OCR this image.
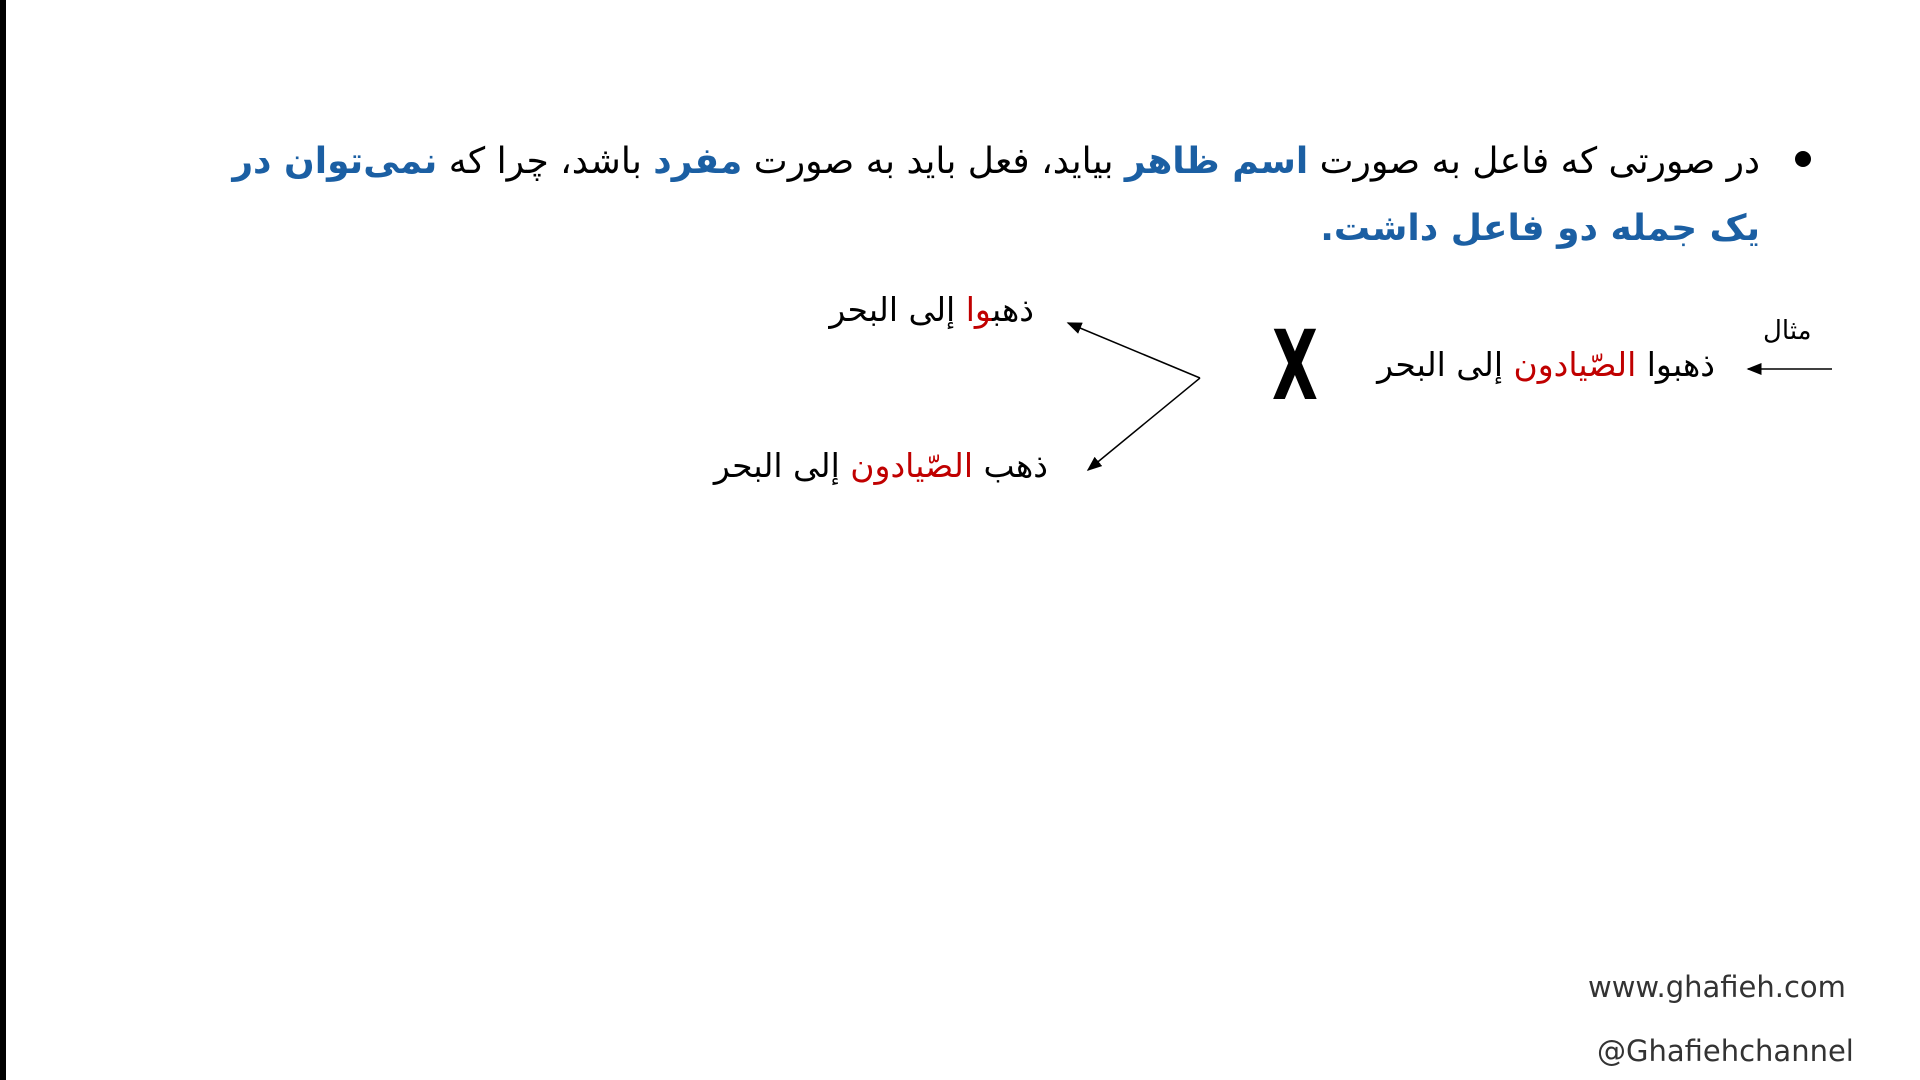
در صورتی که فاعل به صورت اسم ظاهر بیاید، فعل باید به صورت مفرد باشد، چرا که نمی‌توان در
یک جمله دو فاعل داشت.
مثال
ذهبوا الصّیادون إلی البحر
X
ذهبوا إلی البحر
ذهب الصّیادون إلی البحر
www.ghafieh.com
@Ghafiehchannel
